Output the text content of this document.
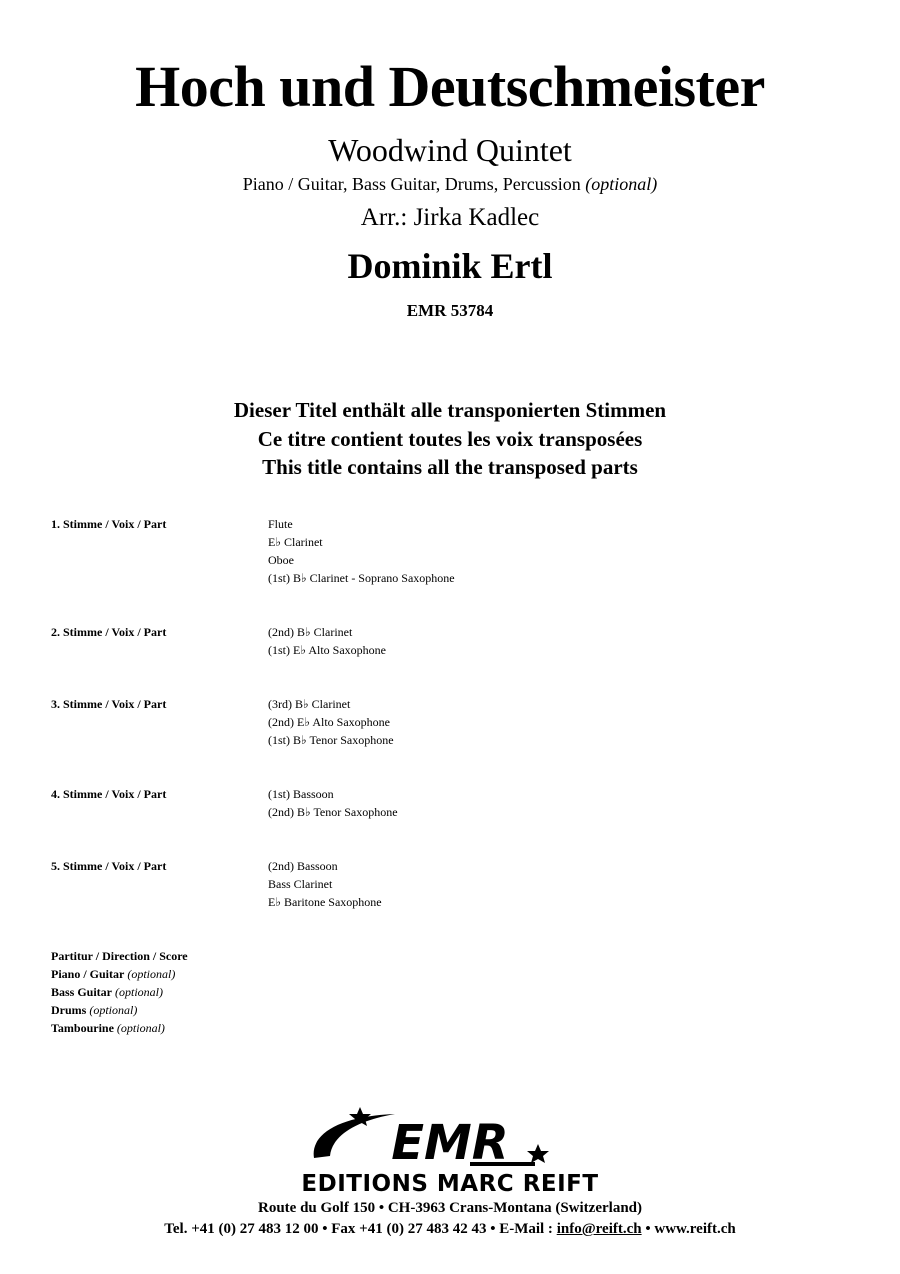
Hoch und Deutschmeister
Woodwind Quintet
Piano / Guitar, Bass Guitar, Drums, Percussion (optional)
Arr.: Jirka Kadlec
Dominik Ertl
EMR 53784
Dieser Titel enthält alle transponierten Stimmen
Ce titre contient toutes les voix transposées
This title contains all the transposed parts
1. Stimme / Voix / Part	Flute
E♭ Clarinet
Oboe
(1st) B♭ Clarinet - Soprano Saxophone
2. Stimme / Voix / Part	(2nd) B♭ Clarinet
(1st) E♭ Alto Saxophone
3. Stimme / Voix / Part	(3rd) B♭ Clarinet
(2nd) E♭ Alto Saxophone
(1st) B♭ Tenor Saxophone
4. Stimme / Voix / Part	(1st) Bassoon
(2nd) B♭ Tenor Saxophone
5. Stimme / Voix / Part	(2nd) Bassoon
Bass Clarinet
E♭ Baritone Saxophone
Partitur / Direction / Score
Piano / Guitar (optional)
Bass Guitar (optional)
Drums (optional)
Tambourine (optional)
EMR
EDITIONS MARC REIFT
Route du Golf 150 • CH-3963 Crans-Montana (Switzerland)
Tel. +41 (0) 27 483 12 00 • Fax +41 (0) 27 483 42 43 • E-Mail : info@reift.ch • www.reift.ch
